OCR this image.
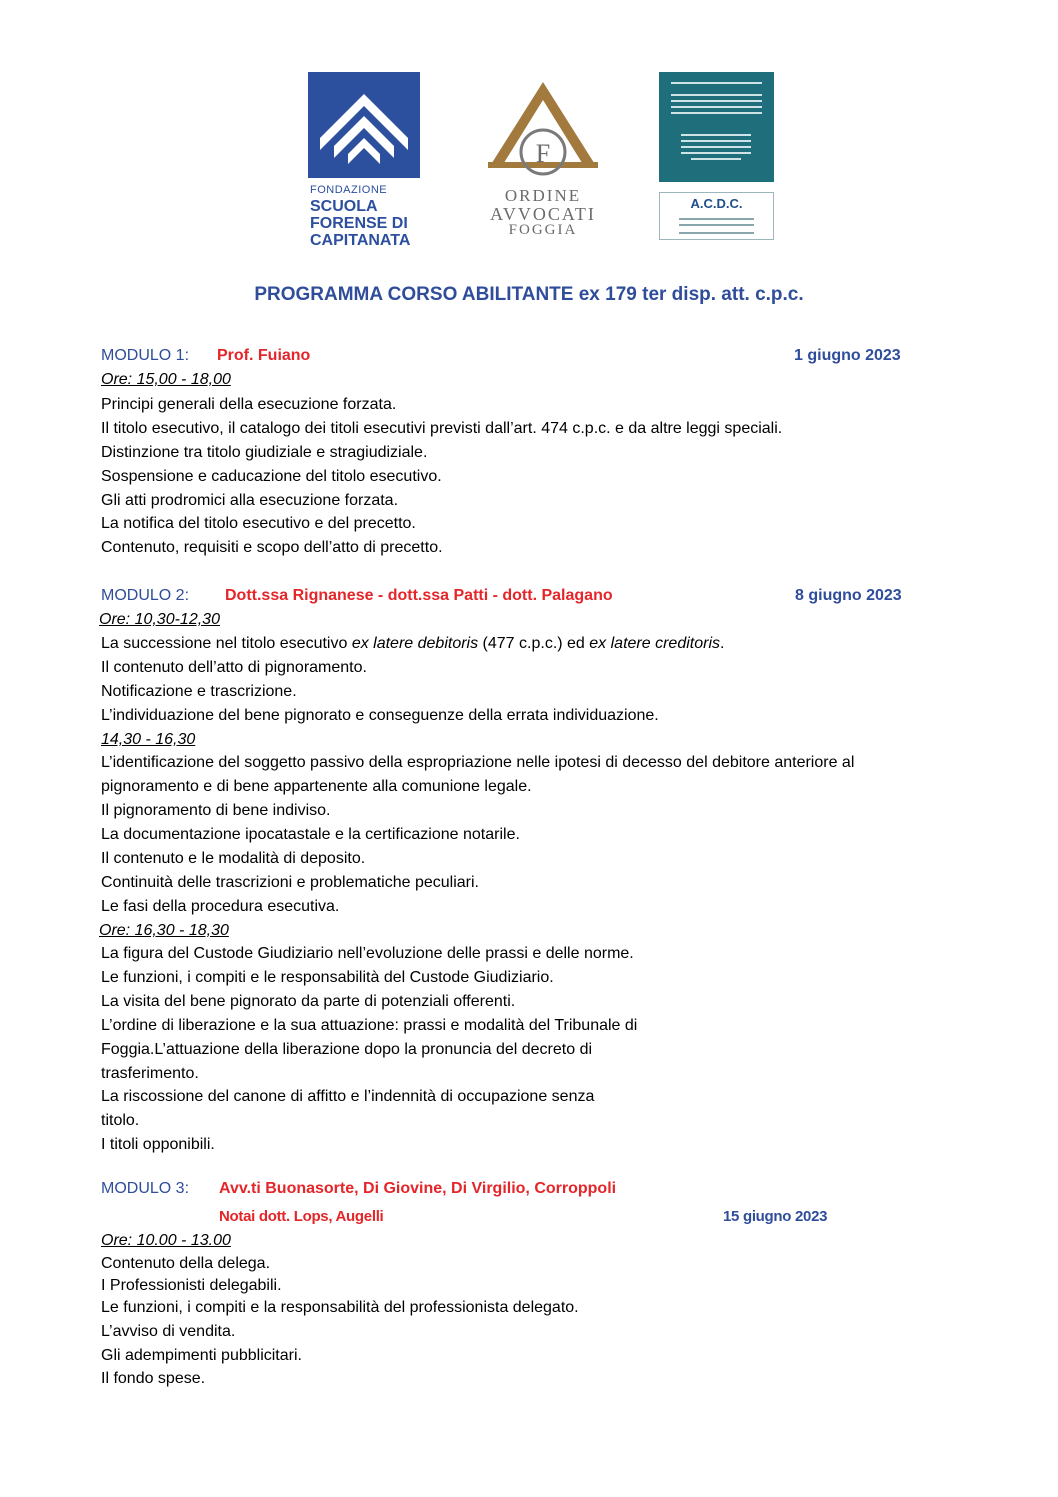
FONDAZIONE
SCUOLA
FORENSE DI
CAPITANATA
F
ORDINE
AVVOCATI
FOGGIA
A.C.D.C.
PROGRAMMA CORSO ABILITANTE ex 179 ter disp. att. c.p.c.
MODULO 1: Prof. Fuiano	1 giugno 2023
Ore: 15,00 - 18,00
Principi generali della esecuzione forzata.
Il titolo esecutivo, il catalogo dei titoli esecutivi previsti dall’art. 474 c.p.c. e da altre leggi speciali.
Distinzione tra titolo giudiziale e stragiudiziale.
Sospensione e caducazione del titolo esecutivo.
Gli atti prodromici alla esecuzione forzata.
La notifica del titolo esecutivo e del precetto.
Contenuto, requisiti e scopo dell’atto di precetto.
MODULO 2: Dott.ssa Rignanese - dott.ssa Patti - dott. Palagano	8 giugno 2023
Ore: 10,30-12,30
La successione nel titolo esecutivo ex latere debitoris (477 c.p.c.) ed ex latere creditoris.
Il contenuto dell’atto di pignoramento.
Notificazione e trascrizione.
L’individuazione del bene pignorato e conseguenze della errata individuazione.
14,30 - 16,30
L’identificazione del soggetto passivo della espropriazione nelle ipotesi di decesso del debitore anteriore al
pignoramento e di bene appartenente alla comunione legale.
Il pignoramento di bene indiviso.
La documentazione ipocatastale e la certificazione notarile.
Il contenuto e le modalità di deposito.
Continuità delle trascrizioni e problematiche peculiari.
Le fasi della procedura esecutiva.
Ore: 16,30 - 18,30
La figura del Custode Giudiziario nell’evoluzione delle prassi e delle norme.
Le funzioni, i compiti e le responsabilità del Custode Giudiziario.
La visita del bene pignorato da parte di potenziali offerenti.
L’ordine di liberazione e la sua attuazione: prassi e modalità del Tribunale di
Foggia.L’attuazione della liberazione dopo la pronuncia del decreto di
trasferimento.
La riscossione del canone di affitto e l’indennità di occupazione senza
titolo.
I titoli opponibili.
MODULO 3: Avv.ti Buonasorte, Di Giovine, Di Virgilio, Corroppoli
Notai dott. Lops, Augelli	15 giugno 2023
Ore: 10.00 - 13.00
Contenuto della delega.
I Professionisti delegabili.
Le funzioni, i compiti e la responsabilità del professionista delegato.
L’avviso di vendita.
Gli adempimenti pubblicitari.
Il fondo spese.
